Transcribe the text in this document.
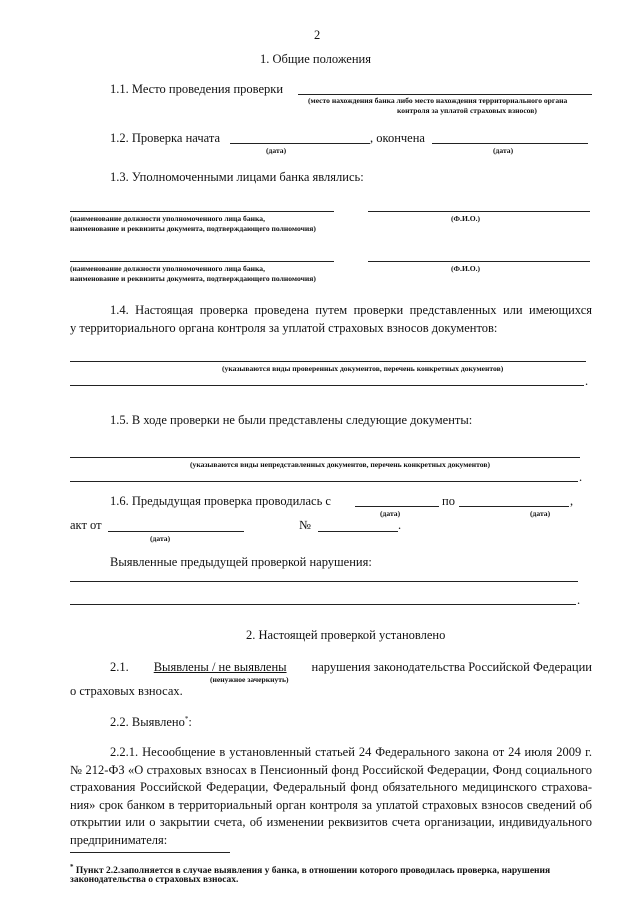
2
1. Общие положения
1.1. Место проведения проверки
(место нахождения банка либо место нахождения территориального органа
контроля за уплатой страховых взносов)
1.2. Проверка начата	, окончена
(дата)	(дата)
1.3. Уполномоченными лицами банка являлись:
(наименование должности уполномоченного лица банка,
наименование и реквизиты документа, подтверждающего полномочия)
(Ф.И.О.)
(наименование должности уполномоченного лица банка,
наименование и реквизиты документа, подтверждающего полномочия)
(Ф.И.О.)
1.4. Настоящая проверка проведена путем проверки представленных или имеющихся
у территориального органа контроля за уплатой страховых взносов документов:
(указываются виды проверенных документов, перечень конкретных документов)
.
1.5. В ходе проверки не были представлены следующие документы:
(указываются виды непредставленных документов, перечень конкретных документов)
.
1.6. Предыдущая проверка проводилась с	по	,
(дата)	(дата)
акт от
(дата)
№	.
Выявленные предыдущей проверкой нарушения:
.
2. Настоящей проверкой установлено
2.1. Выявлены / не выявлены нарушения законодательства Российской Федерации
(ненужное зачеркнуть)
о страховых взносах.
2.2. Выявлено*:
2.2.1. Несообщение в установленный статьей 24 Федерального закона от 24 июля 2009 г.
№ 212-ФЗ «О страховых взносах в Пенсионный фонд Российской Федерации, Фонд социального
страхования Российской Федерации, Федеральный фонд обязательного медицинского страхова-
ния» срок банком в территориальный орган контроля за уплатой страховых взносов сведений об
открытии или о закрытии счета, об изменении реквизитов счета организации, индивидуального
предпринимателя:
* Пункт 2.2.заполняется в случае выявления у банка, в отношении которого проводилась проверка, нарушения
законодательства о страховых взносах.
